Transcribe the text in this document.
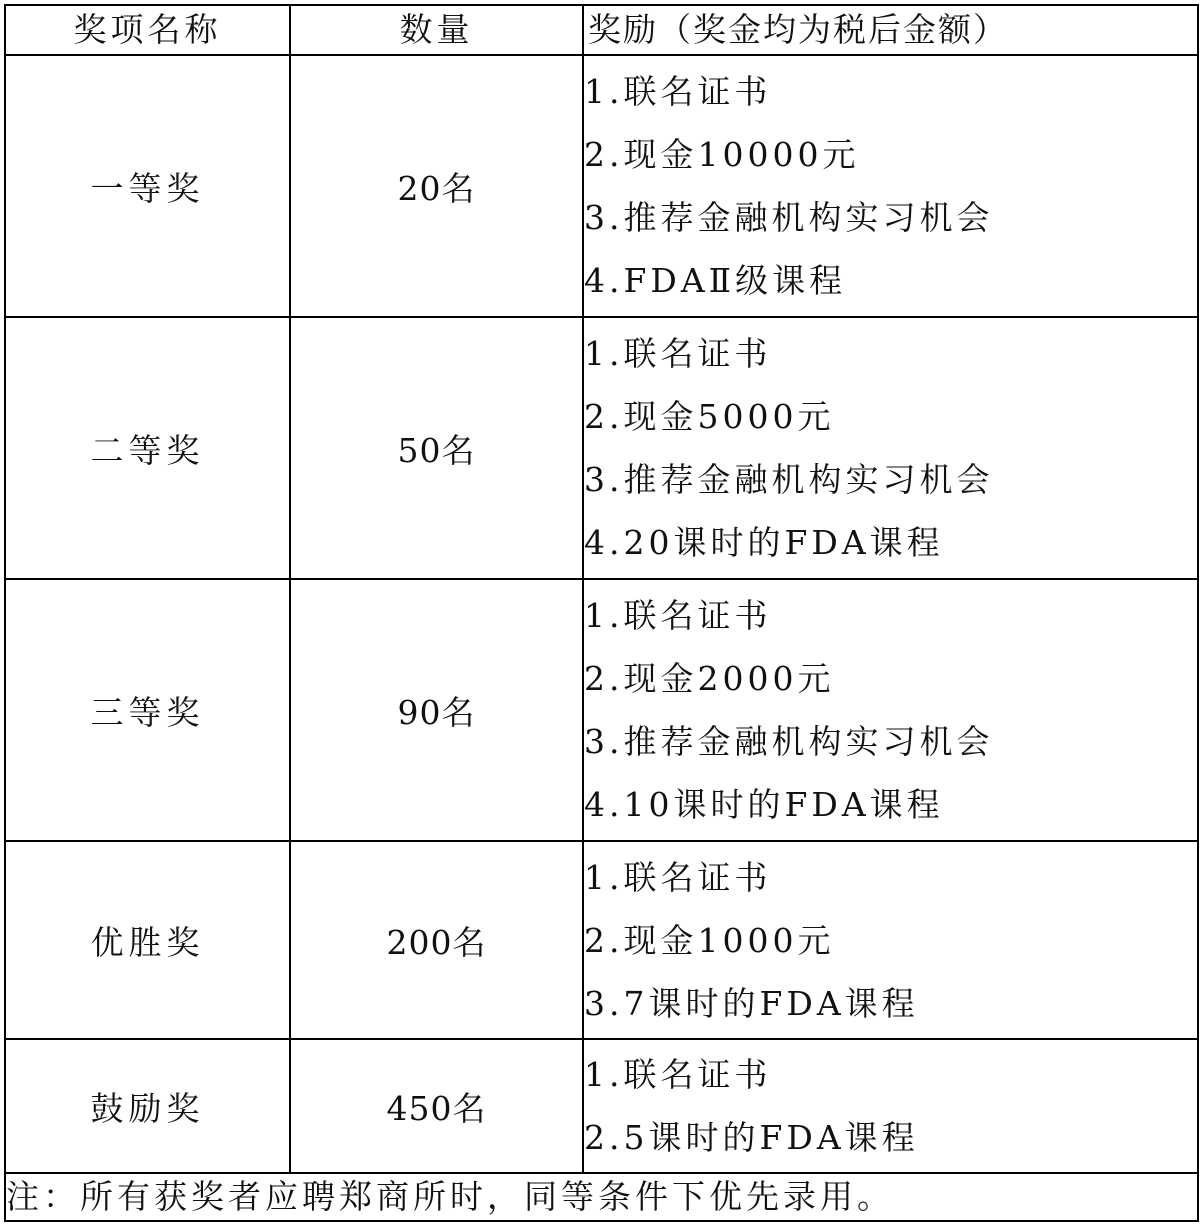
奖项名称	数量	奖励（奖金均为税后金额）
一等奖	20名	1.联名证书
2.现金10000元
3.推荐金融机构实习机会
4.FDAⅡ级课程

二等奖	50名	1.联名证书
2.现金5000元
3.推荐金融机构实习机会
4.20课时的FDA课程

三等奖	90名	1.联名证书
2.现金2000元
3.推荐金融机构实习机会
4.10课时的FDA课程

优胜奖	200名	1.联名证书
2.现金1000元
3.7课时的FDA课程

鼓励奖	450名	1.联名证书
2.5课时的FDA课程

注：所有获奖者应聘郑商所时，同等条件下优先录用。		
